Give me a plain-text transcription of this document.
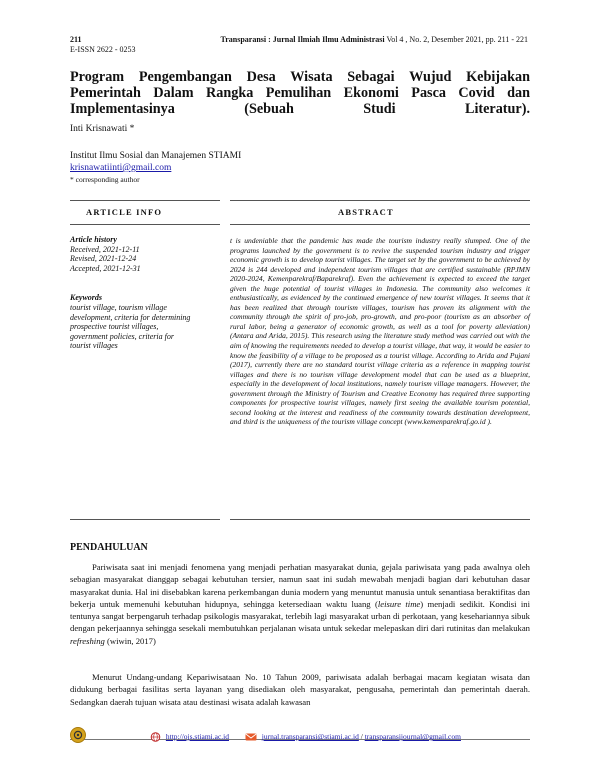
211
E-ISSN 2622 - 0253
Transparansi : Jurnal Ilmiah Ilmu Administrasi Vol 4 , No. 2, Desember 2021, pp. 211 - 221
Program Pengembangan Desa Wisata Sebagai Wujud Kebijakan Pemerintah Dalam Rangka Pemulihan Ekonomi Pasca Covid dan Implementasinya (Sebuah Studi Literatur).
Inti Krisnawati *
Institut Ilmu Sosial dan Manajemen STIAMI
krisnawatiinti@gmail.com
* corresponding author
ARTICLE INFO	ABSTRACT
Article history
Received, 2021-12-11
Revised, 2021-12-24
Accepted, 2021-12-31
Keywords
tourist village, tourism village development, criteria for determining prospective tourist villages, government policies, criteria for tourist villages
t is undeniable that the pandemic has made the tourism industry really slumped. One of the programs launched by the government is to revive the suspended tourism industry and trigger economic growth is to develop tourist villages. The target set by the government to be achieved by 2024 is 244 developed and independent tourism villages that are certified sustainable (RPJMN 2020-2024, Kemenparekraf/Baparekraf). Even the achievement is expected to exceed the target given the huge potential of tourist villages in Indonesia. The community also welcomes it enthusiastically, as evidenced by the continued emergence of new tourist villages. It seems that it has been realized that through tourism villages, tourism has proven its alignment with the community through the spirit of pro-job, pro-growth, and pro-poor (tourism as an absorber of rural labor, being a generator of economic growth, as well as a tool for poverty alleviation) (Antara and Arida, 2015). This research using the literature study method was carried out with the aim of knowing the requirements needed to develop a tourist village, that way, it would be easier to know the feasibility of a village to be proposed as a tourist village. According to Arida and Pujani (2017), currently there are no standard tourist village criteria as a reference in mapping tourist villages and there is no tourism village development model that can be used as a blueprint, especially in the development of local institutions, namely tourism village managers. However, the government through the Ministry of Tourism and Creative Economy has required three supporting components for prospective tourist villages, namely first seeing the available tourism potential, second looking at the interest and readiness of the community towards destination development, and third is the uniqueness of the tourism village concept (www.kemenparekraf.go.id ).
PENDAHULUAN

Pariwisata saat ini menjadi fenomena yang menjadi perhatian masyarakat dunia, gejala pariwisata yang pada awalnya oleh sebagian masyarakat dianggap sebagai kebutuhan tersier, namun saat ini sudah mewabah menjadi bagian dari kebutuhan dasar masyarakat dunia. Hal ini disebabkan karena perkembangan dunia modern yang menuntut manusia untuk senantiasa beraktifitas dan bekerja untuk memenuhi kebutuhan hidupnya, sehingga ketersediaan waktu luang (leisure time) menjadi sedikit. Kondisi ini tentunya sangat berpengaruh terhadap psikologis masyarakat, terlebih lagi masyarakat urban di perkotaan, yang kesehariannya sibuk dengan pekerjaannya sehingga sesekali membutuhkan perjalanan wisata untuk sekedar melepaskan diri dari rutinitas dan melakukan refreshing (wiwin, 2017)

Menurut Undang-undang Kepariwisataan No. 10 Tahun 2009, pariwisata adalah berbagai macam kegiatan wisata dan didukung berbagai fasilitas serta layanan yang disediakan oleh masyarakat, pengusaha, pemerintah dan pemerintah daerah. Sedangkan daerah tujuan wisata atau destinasi wisata adalah kawasan

http://ojs.stiami.ac.id	jurnal.transparansi@stiami.ac.id / transparansijournal@gmail.com
